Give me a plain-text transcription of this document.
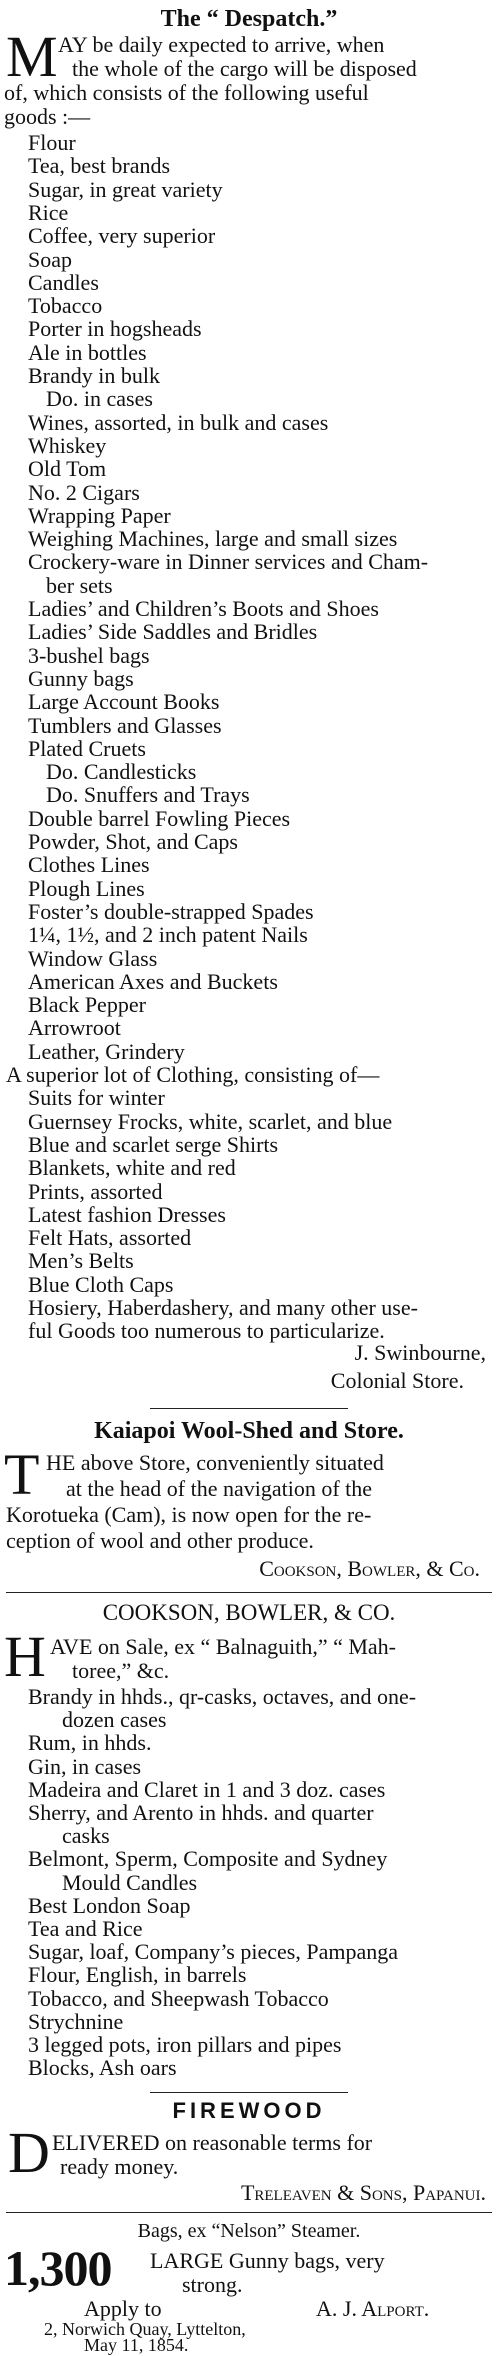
The “ Despatch.”
M AY be daily expected to arrive, when
the whole of the cargo will be disposed
of, which consists of the following useful
goods :—
Flour
Tea, best brands
Sugar, in great variety
Rice
Coffee, very superior
Soap
Candles
Tobacco
Porter in hogsheads
Ale in bottles
Brandy in bulk
Do. in cases
Wines, assorted, in bulk and cases
Whiskey
Old Tom
No. 2 Cigars
Wrapping Paper
Weighing Machines, large and small sizes
Crockery-ware in Dinner services and Cham-
ber sets
Ladies’ and Children’s Boots and Shoes
Ladies’ Side Saddles and Bridles
3-bushel bags
Gunny bags
Large Account Books
Tumblers and Glasses
Plated Cruets
Do. Candlesticks
Do. Snuffers and Trays
Double barrel Fowling Pieces
Powder, Shot, and Caps
Clothes Lines
Plough Lines
Foster’s double-strapped Spades
1¼, 1½, and 2 inch patent Nails
Window Glass
American Axes and Buckets
Black Pepper
Arrowroot
Leather, Grindery
A superior lot of Clothing, consisting of—
Suits for winter
Guernsey Frocks, white, scarlet, and blue
Blue and scarlet serge Shirts
Blankets, white and red
Prints, assorted
Latest fashion Dresses
Felt Hats, assorted
Men’s Belts
Blue Cloth Caps
Hosiery, Haberdashery, and many other use-
ful Goods too numerous to particularize.
J. Swinbourne,
Colonial Store.
Kaiapoi Wool-Shed and Store.
T HE above Store, conveniently situated
at the head of the navigation of the
Korotueka (Cam), is now open for the re-
ception of wool and other produce.
Cookson, Bowler, & Co.
COOKSON, BOWLER, & CO.
H AVE on Sale, ex “ Balnaguith,” “ Mah-
toree,” &c.
Brandy in hhds., qr-casks, octaves, and one-
dozen cases
Rum, in hhds.
Gin, in cases
Madeira and Claret in 1 and 3 doz. cases
Sherry, and Arento in hhds. and quarter
casks
Belmont, Sperm, Composite and Sydney
Mould Candles
Best London Soap
Tea and Rice
Sugar, loaf, Company’s pieces, Pampanga
Flour, English, in barrels
Tobacco, and Sheepwash Tobacco
Strychnine
3 legged pots, iron pillars and pipes
Blocks, Ash oars
FIREWOOD
D ELIVERED on reasonable terms for
ready money.
Treleaven & Sons, Papanui.
Bags, ex “Nelson” Steamer.
1,300 LARGE Gunny bags, very
strong.
Apply to	A. J. Alport.
2, Norwich Quay, Lyttelton,
May 11, 1854.
